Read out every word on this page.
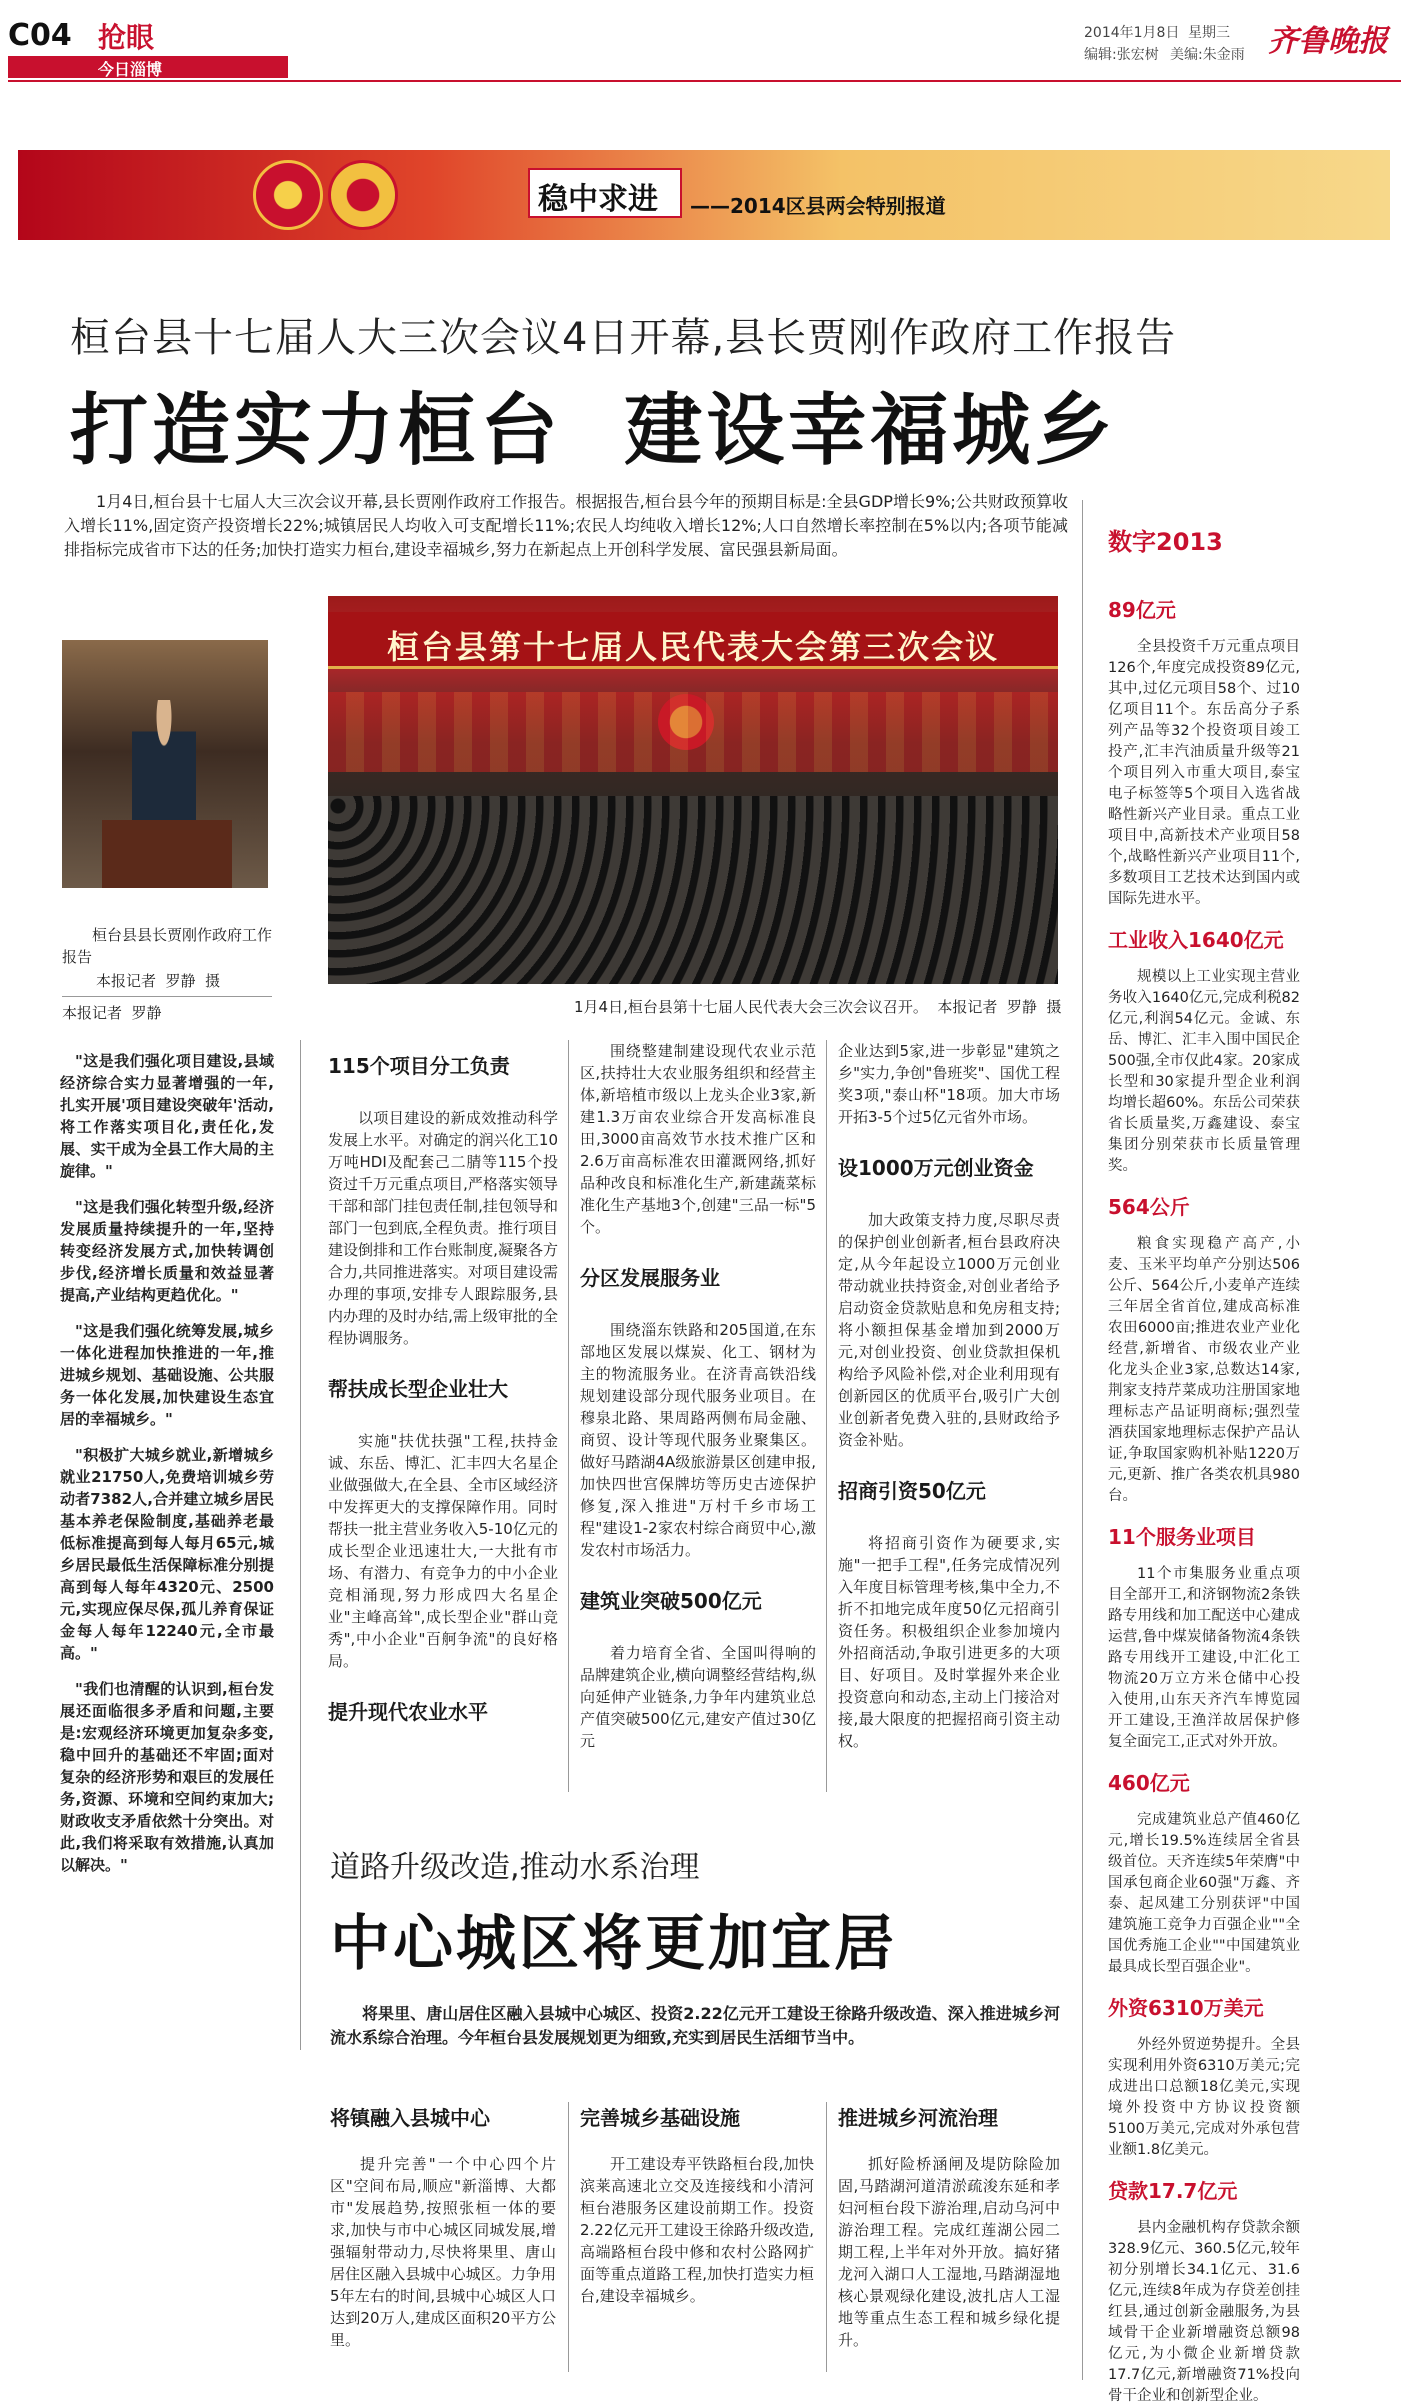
C04 抢眼
今日淄博
2014年1月8日 星期三
编辑:张宏树 美编:朱金雨 齐鲁晚报
稳中求进 ——2014区县两会特别报道
桓台县十七届人大三次会议4日开幕,县长贾刚作政府工作报告
打造实力桓台  建设幸福城乡
1月4日,桓台县十七届人大三次会议开幕,县长贾刚作政府工作报告。根据报告,桓台县今年的预期目标是:全县GDP增长9%;公共财政预算收入增长11%,固定资产投资增长22%;城镇居民人均收入可支配增长11%;农民人均纯收入增长12%;人口自然增长率控制在5%以内;各项节能减排指标完成省市下达的任务;加快打造实力桓台,建设幸福城乡,努力在新起点上开创科学发展、富民强县新局面。
桓台县县长贾刚作政府工作报告
本报记者  罗静  摄
本报记者  罗静

"这是我们强化项目建设,县域经济综合实力显著增强的一年,扎实开展'项目建设突破年'活动,将工作落实项目化,责任化,发展、实干成为全县工作大局的主旋律。"

"这是我们强化转型升级,经济发展质量持续提升的一年,坚持转变经济发展方式,加快转调创步伐,经济增长质量和效益显著提高,产业结构更趋优化。"

"这是我们强化统筹发展,城乡一体化进程加快推进的一年,推进城乡规划、基础设施、公共服务一体化发展,加快建设生态宜居的幸福城乡。"

"积极扩大城乡就业,新增城乡就业21750人,免费培训城乡劳动者7382人,合并建立城乡居民基本养老保险制度,基础养老最低标准提高到每人每月65元,城乡居民最低生活保障标准分别提高到每人每年4320元、2500元,实现应保尽保,孤儿养育保证金每人每年12240元,全市最高。"

"我们也清醒的认识到,桓台发展还面临很多矛盾和问题,主要是:宏观经济环境更加复杂多变,稳中回升的基础还不牢固;面对复杂的经济形势和艰巨的发展任务,资源、环境和空间约束加大;财政收支矛盾依然十分突出。对此,我们将采取有效措施,认真加以解决。"

桓台县第十七届人民代表大会第三次会议
1月4日,桓台县第十七届人民代表大会三次会议召开。  本报记者  罗静  摄
115个项目分工负责
以项目建设的新成效推动科学发展上水平。对确定的润兴化工10万吨HDI及配套己二腈等115个投资过千万元重点项目,严格落实领导干部和部门挂包责任制,挂包领导和部门一包到底,全程负责。推行项目建设倒排和工作台账制度,凝聚各方合力,共同推进落实。对项目建设需办理的事项,安排专人跟踪服务,县内办理的及时办结,需上级审批的全程协调服务。
帮扶成长型企业壮大
实施"扶优扶强"工程,扶持金诚、东岳、博汇、汇丰四大名星企业做强做大,在全县、全市区域经济中发挥更大的支撑保障作用。同时帮扶一批主营业务收入5-10亿元的成长型企业迅速壮大,一大批有市场、有潜力、有竞争力的中小企业竞相涌现,努力形成四大名星企业"主峰高耸",成长型企业"群山竞秀",中小企业"百舸争流"的良好格局。
提升现代农业水平
围绕整建制建设现代农业示范区,扶持壮大农业服务组织和经营主体,新培植市级以上龙头企业3家,新建1.3万亩农业综合开发高标准良田,3000亩高效节水技术推广区和2.6万亩高标准农田灌溉网络,抓好品种改良和标准化生产,新建蔬菜标准化生产基地3个,创建"三品一标"5个。
分区发展服务业
围绕淄东铁路和205国道,在东部地区发展以煤炭、化工、钢材为主的物流服务业。在济青高铁沿线规划建设部分现代服务业项目。在穆泉北路、果周路两侧布局金融、商贸、设计等现代服务业聚集区。做好马踏湖4A级旅游景区创建申报,加快四世宫保牌坊等历史古迹保护修复,深入推进"万村千乡市场工程"建设1-2家农村综合商贸中心,激发农村市场活力。
建筑业突破500亿元
着力培育全省、全国叫得响的品牌建筑企业,横向调整经营结构,纵向延伸产业链条,力争年内建筑业总产值突破500亿元,建安产值过30亿元
企业达到5家,进一步彰显"建筑之乡"实力,争创"鲁班奖"、国优工程奖3项,"泰山杯"18项。加大市场开拓3-5个过5亿元省外市场。
设1000万元创业资金
加大政策支持力度,尽职尽责的保护创业创新者,桓台县政府决定,从今年起设立1000万元创业带动就业扶持资金,对创业者给予启动资金贷款贴息和免房租支持;将小额担保基金增加到2000万元,对创业投资、创业贷款担保机构给予风险补偿,对企业利用现有创新园区的优质平台,吸引广大创业创新者免费入驻的,县财政给予资金补贴。
招商引资50亿元
将招商引资作为硬要求,实施"一把手工程",任务完成情况列入年度目标管理考核,集中全力,不折不扣地完成年度50亿元招商引资任务。积极组织企业参加境内外招商活动,争取引进更多的大项目、好项目。及时掌握外来企业投资意向和动态,主动上门接洽对接,最大限度的把握招商引资主动权。
数字2013
89亿元
全县投资千万元重点项目126个,年度完成投资89亿元,其中,过亿元项目58个、过10亿项目11个。东岳高分子系列产品等32个投资项目竣工投产,汇丰汽油质量升级等21个项目列入市重大项目,泰宝电子标签等5个项目入选省战略性新兴产业目录。重点工业项目中,高新技术产业项目58个,战略性新兴产业项目11个,多数项目工艺技术达到国内或国际先进水平。
工业收入1640亿元
规模以上工业实现主营业务收入1640亿元,完成利税82亿元,利润54亿元。金诚、东岳、博汇、汇丰入围中国民企500强,全市仅此4家。20家成长型和30家提升型企业利润均增长超60%。东岳公司荣获省长质量奖,万鑫建设、泰宝集团分别荣获市长质量管理奖。
564公斤
粮食实现稳产高产,小麦、玉米平均单产分别达506公斤、564公斤,小麦单产连续三年居全省首位,建成高标准农田6000亩;推进农业产业化经营,新增省、市级农业产业化龙头企业3家,总数达14家,荆家支持芹菜成功注册国家地理标志产品证明商标;强烈莹酒获国家地理标志保护产品认证,争取国家购机补贴1220万元,更新、推广各类农机具980台。
11个服务业项目
11个市集服务业重点项目全部开工,和济钢物流2条铁路专用线和加工配送中心建成运营,鲁中煤炭储备物流4条铁路专用线开工建设,中汇化工物流20万立方米仓储中心投入使用,山东天齐汽车博览园开工建设,王渔洋故居保护修复全面完工,正式对外开放。
460亿元
完成建筑业总产值460亿元,增长19.5%连续居全省县级首位。天齐连续5年荣膺"中国承包商企业60强"万鑫、齐泰、起凤建工分别获评"中国建筑施工竞争力百强企业""全国优秀施工企业""中国建筑业最具成长型百强企业"。
外资6310万美元
外经外贸逆势提升。全县实现利用外资6310万美元;完成进出口总额18亿美元,实现境外投资中方协议投资额5100万美元,完成对外承包营业额1.8亿美元。
贷款17.7亿元
县内金融机构存贷款余额328.9亿元、360.5亿元,较年初分别增长34.1亿元、31.6亿元,连续8年成为存贷差创挂红县,通过创新金融服务,为县域骨干企业新增融资总额98亿元,为小微企业新增贷款17.7亿元,新增融资71%投向骨干企业和创新型企业。
道路升级改造,推动水系治理
中心城区将更加宜居
将果里、唐山居住区融入县城中心城区、投资2.22亿元开工建设王徐路升级改造、深入推进城乡河流水系综合治理。今年桓台县发展规划更为细致,充实到居民生活细节当中。
将镇融入县城中心
提升完善"一个中心四个片区"空间布局,顺应"新淄博、大都市"发展趋势,按照张桓一体的要求,加快与市中心城区同城发展,增强辐射带动力,尽快将果里、唐山居住区融入县城中心城区。力争用5年左右的时间,县城中心城区人口达到20万人,建成区面积20平方公里。
完善城乡基础设施
开工建设寿平铁路桓台段,加快滨莱高速北立交及连接线和小清河桓台港服务区建设前期工作。投资2.22亿元开工建设王徐路升级改造,高端路桓台段中修和农村公路网扩面等重点道路工程,加快打造实力桓台,建设幸福城乡。
推进城乡河流治理
抓好险桥涵闸及堤防除险加固,马踏湖河道清淤疏浚东延和孝妇河桓台段下游治理,启动乌河中游治理工程。完成红莲湖公园二期工程,上半年对外开放。搞好猪龙河入湖口人工湿地,马踏湖湿地核心景观绿化建设,波扎店人工湿地等重点生态工程和城乡绿化提升。
